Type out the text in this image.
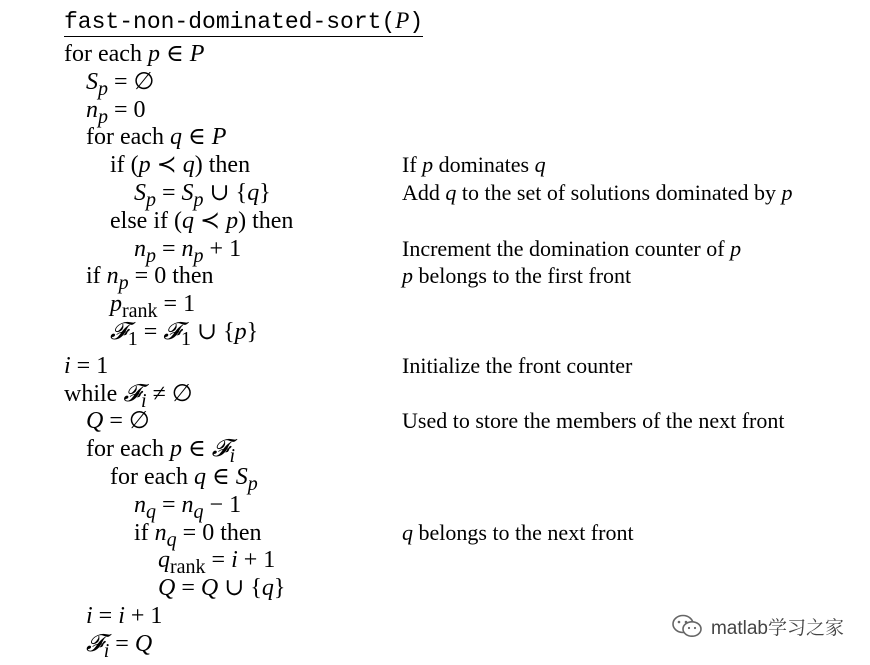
fast-non-dominated-sort(P)
for each p ∈ P
$S_p$ = ∅
$n_p = 0$
for each q ∈ P
if (p ≺ q) then
$S_p = S_p$ ∪ {q}
else if (q ≺ p) then
$n_p = n_p + 1$
if $n_p = 0$ then
$p_{rank} = 1$
𝓕$_1$ = 𝓕$_1$ ∪ {p}
i = 1
while 𝓕$_i$ ≠ ∅
Q = ∅
for each p ∈ 𝓕$_i$
for each q ∈ $S_p$
$n_q = n_q - 1$
if $n_q = 0$ then
$q_{rank} = i + 1$
Q = Q ∪ {q}
i = i + 1
𝓕$_i$ = Q
If p dominates q
Add q to the set of solutions dominated by p
Increment the domination counter of p
p belongs to the first front
Initialize the front counter
Used to store the members of the next front
q belongs to the next front
matlab学习之家
